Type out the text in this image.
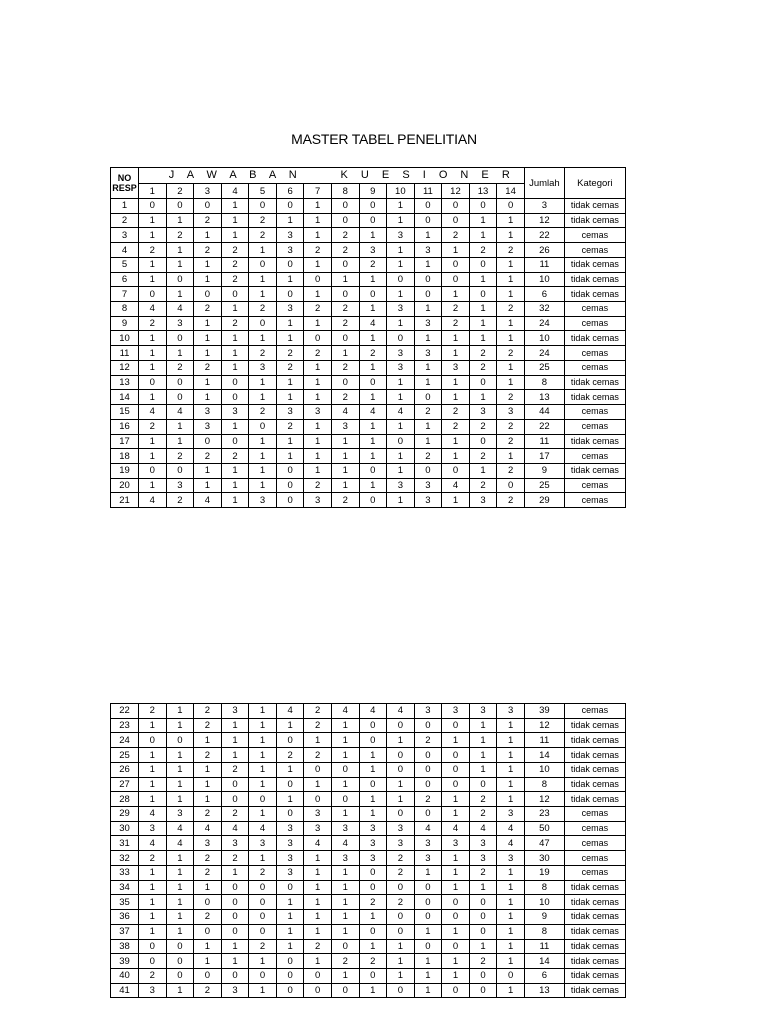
MASTER TABEL PENELITIAN
NO
RESP	J A W A B A N							K U E S I O N E R							Jumlah	Kategori
	1	2	3	4	5	6	7	8	9	10	11	12	13	14		
1	0	0	0	1	0	0	1	0	0	1	0	0	0	0	3	tidak cemas
2	1	1	2	1	2	1	1	0	0	1	0	0	1	1	12	tidak cemas
3	1	2	1	1	2	3	1	2	1	3	1	2	1	1	22	cemas
4	2	1	2	2	1	3	2	2	3	1	3	1	2	2	26	cemas
5	1	1	1	2	0	0	1	0	2	1	1	0	0	1	11	tidak cemas
6	1	0	1	2	1	1	0	1	1	0	0	0	1	1	10	tidak cemas
7	0	1	0	0	1	0	1	0	0	1	0	1	0	1	6	tidak cemas
8	4	4	2	1	2	3	2	2	1	3	1	2	1	2	32	cemas
9	2	3	1	2	0	1	1	2	4	1	3	2	1	1	24	cemas
10	1	0	1	1	1	1	0	0	1	0	1	1	1	1	10	tidak cemas
11	1	1	1	1	2	2	2	1	2	3	3	1	2	2	24	cemas
12	1	2	2	1	3	2	1	2	1	3	1	3	2	1	25	cemas
13	0	0	1	0	1	1	1	0	0	1	1	1	0	1	8	tidak cemas
14	1	0	1	0	1	1	1	2	1	1	0	1	1	2	13	tidak cemas
15	4	4	3	3	2	3	3	4	4	4	2	2	3	3	44	cemas
16	2	1	3	1	0	2	1	3	1	1	1	2	2	2	22	cemas
17	1	1	0	0	1	1	1	1	1	0	1	1	0	2	11	tidak cemas
18	1	2	2	2	1	1	1	1	1	1	2	1	2	1	17	cemas
19	0	0	1	1	1	0	1	1	0	1	0	0	1	2	9	tidak cemas
20	1	3	1	1	1	0	2	1	1	3	3	4	2	0	25	cemas
21	4	2	4	1	3	0	3	2	0	1	3	1	3	2	29	cemas
22	2	1	2	3	1	4	2	4	4	4	3	3	3	3	39	cemas
23	1	1	2	1	1	1	2	1	0	0	0	0	1	1	12	tidak cemas
24	0	0	1	1	1	0	1	1	0	1	2	1	1	1	11	tidak cemas
25	1	1	2	1	1	2	2	1	1	0	0	0	1	1	14	tidak cemas
26	1	1	1	2	1	1	0	0	1	0	0	0	1	1	10	tidak cemas
27	1	1	1	0	1	0	1	1	0	1	0	0	0	1	8	tidak cemas
28	1	1	1	0	0	1	0	0	1	1	2	1	2	1	12	tidak cemas
29	4	3	2	2	1	0	3	1	1	0	0	1	2	3	23	cemas
30	3	4	4	4	4	3	3	3	3	3	4	4	4	4	50	cemas
31	4	4	3	3	3	3	4	4	3	3	3	3	3	4	47	cemas
32	2	1	2	2	1	3	1	3	3	2	3	1	3	3	30	cemas
33	1	1	2	1	2	3	1	1	0	2	1	1	2	1	19	cemas
34	1	1	1	0	0	0	1	1	0	0	0	1	1	1	8	tidak cemas
35	1	1	0	0	0	1	1	1	2	2	0	0	0	1	10	tidak cemas
36	1	1	2	0	0	1	1	1	1	0	0	0	0	1	9	tidak cemas
37	1	1	0	0	0	1	1	1	0	0	1	1	0	1	8	tidak cemas
38	0	0	1	1	2	1	2	0	1	1	0	0	1	1	11	tidak cemas
39	0	0	1	1	1	0	1	2	2	1	1	1	2	1	14	tidak cemas
40	2	0	0	0	0	0	0	1	0	1	1	1	0	0	6	tidak cemas
41	3	1	2	3	1	0	0	0	1	0	1	0	0	1	13	tidak cemas
